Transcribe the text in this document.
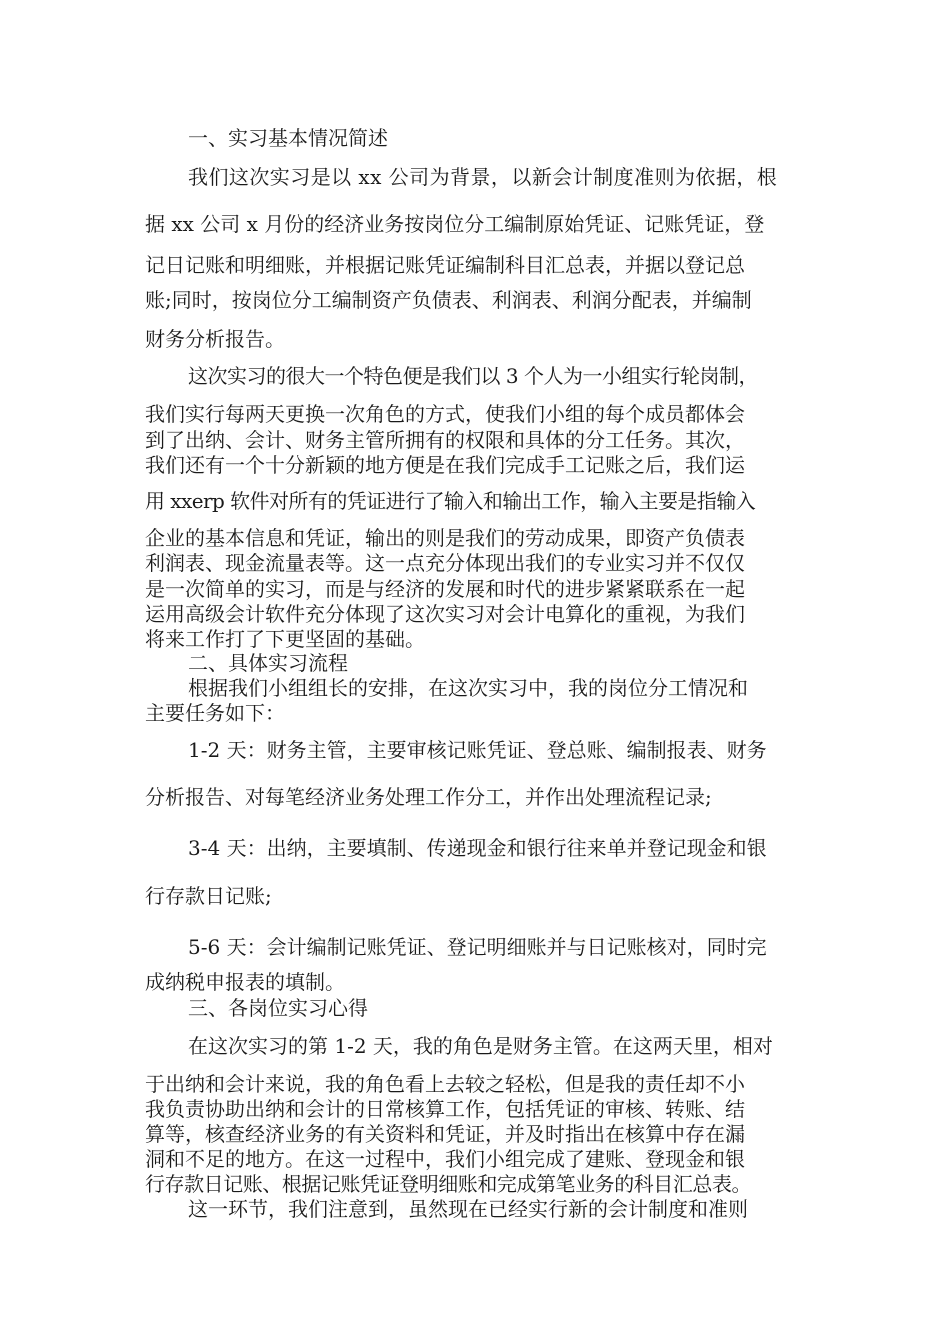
一、实习基本情况简述
我们这次实习是以 xx 公司为背景，以新会计制度准则为依据，根
据 xx 公司 x 月份的经济业务按岗位分工编制原始凭证、记账凭证，登
记日记账和明细账，并根据记账凭证编制科目汇总表，并据以登记总
账;同时，按岗位分工编制资产负债表、利润表、利润分配表，并编制
财务分析报告。
这次实习的很大一个特色便是我们以 3 个人为一小组实行轮岗制，
我们实行每两天更换一次角色的方式，使我们小组的每个成员都体会
到了出纳、会计、财务主管所拥有的权限和具体的分工任务。其次，
我们还有一个十分新颖的地方便是在我们完成手工记账之后，我们运
用 xxerp 软件对所有的凭证进行了输入和输出工作，输入主要是指输入
企业的基本信息和凭证，输出的则是我们的劳动成果，即资产负债表
利润表、现金流量表等。这一点充分体现出我们的专业实习并不仅仅
是一次简单的实习，而是与经济的发展和时代的进步紧紧联系在一起
运用高级会计软件充分体现了这次实习对会计电算化的重视，为我们
将来工作打了下更坚固的基础。
二、具体实习流程
根据我们小组组长的安排，在这次实习中，我的岗位分工情况和
主要任务如下：
1-2 天：财务主管，主要审核记账凭证、登总账、编制报表、财务
分析报告、对每笔经济业务处理工作分工，并作出处理流程记录;
3-4 天：出纳，主要填制、传递现金和银行往来单并登记现金和银
行存款日记账;
5-6 天：会计编制记账凭证、登记明细账并与日记账核对，同时完
成纳税申报表的填制。
三、各岗位实习心得
在这次实习的第 1-2 天，我的角色是财务主管。在这两天里，相对
于出纳和会计来说，我的角色看上去较之轻松，但是我的责任却不小
我负责协助出纳和会计的日常核算工作，包括凭证的审核、转账、结
算等，核查经济业务的有关资料和凭证，并及时指出在核算中存在漏
洞和不足的地方。在这一过程中，我们小组完成了建账、登现金和银
行存款日记账、根据记账凭证登明细账和完成第笔业务的科目汇总表。
这一环节，我们注意到，虽然现在已经实行新的会计制度和准则
